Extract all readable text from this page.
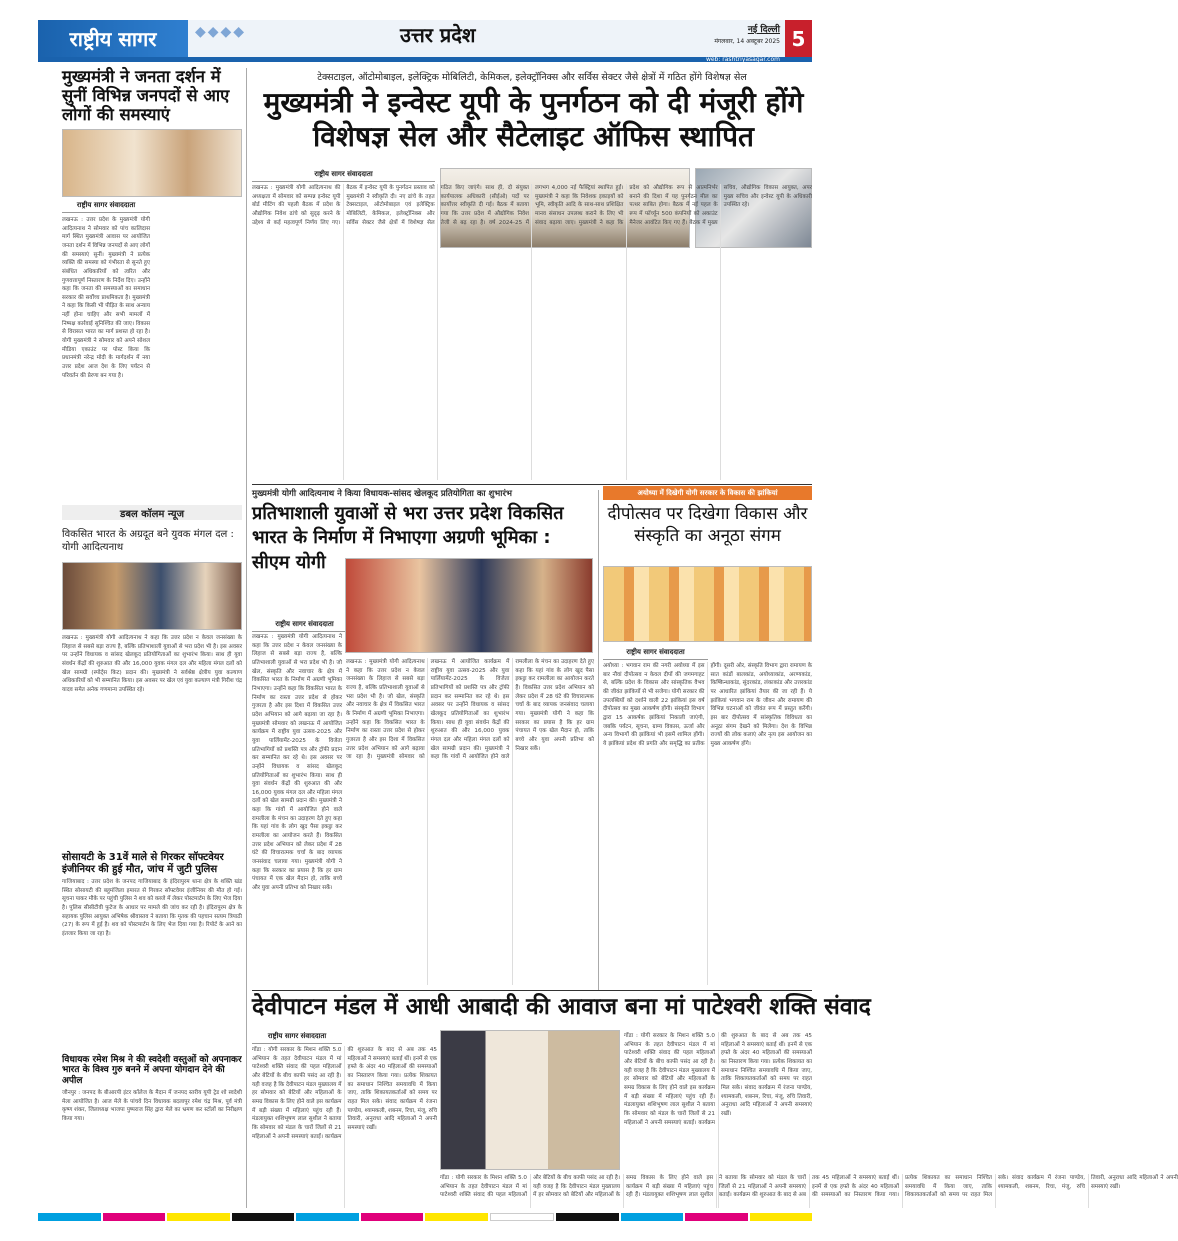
राष्ट्रीय सागर	◆◆◆◆	उत्तर प्रदेश	नई दिल्ली
मंगलवार, 14 अक्टूबर 2025 5
web: rashtriyasagar.com
मुख्यमंत्री ने जनता दर्शन में सुनीं विभिन्न जनपदों से आए लोगों की समस्याएं
राष्ट्रीय सागर संवाददाता
लखनऊ : उत्तर प्रदेश के मुख्यमंत्री योगी आदित्यनाथ ने सोमवार को पांच कालिदास मार्ग स्थित मुख्यमंत्री आवास पर आयोजित जनता दर्शन में विभिन्न जनपदों से आए लोगों की समस्याएं सुनीं। मुख्यमंत्री ने प्रत्येक व्यक्ति की समस्या को गंभीरता से सुनते हुए संबंधित अधिकारियों को त्वरित और गुणवत्तापूर्ण निस्तारण के निर्देश दिए। उन्होंने कहा कि जनता की समस्याओं का समाधान सरकार की सर्वोच्च प्राथमिकता है। मुख्यमंत्री ने कहा कि किसी भी पीड़ित के साथ अन्याय नहीं होना चाहिए और सभी मामलों में निष्पक्ष कार्रवाई सुनिश्चित की जाए। विकास से विरासत भारत का मार्ग प्रशस्त हो रहा है। योगी मुख्यमंत्री ने सोमवार को अपने सोशल मीडिया एकाउंट पर पोस्ट किया कि प्रधानमंत्री नरेन्द्र मोदी के मार्गदर्शन में नया उत्तर प्रदेश आज देश के लिए पर्यटन से परिवर्तन की प्रेरणा बन गया है।
डबल कॉलम न्यूज
विकसित भारत के अग्रदूत बने युवक मंगल दल : योगी आदित्यनाथ
लखनऊ : मुख्यमंत्री योगी आदित्यनाथ ने कहा कि उत्तर प्रदेश न केवल जनसंख्या के लिहाज से सबसे बड़ा राज्य है, बल्कि प्रतिभाशाली युवाओं से भरा प्रदेश भी है। इस अवसर पर उन्होंने विधायक व सांसद खेलकूद प्रतियोगिताओं का शुभारंभ किया। साथ ही युवा संवर्धन केंद्रों की शुरुआत की और 16,000 युवक मंगल दल और महिला मंगल दलों को खेल सामग्री (स्पोर्ट्स किट) प्रदान की। मुख्यमंत्री ने सर्वश्रेष्ठ क्षेत्रीय युवा कल्याण अधिकारियों को भी सम्मानित किया। इस अवसर पर खेल एवं युवा कल्याण मंत्री गिरीश चंद्र यादव समेत अनेक गणमान्य उपस्थित रहे।
सोसायटी के 31वें माले से गिरकर सॉफ्टवेयर इंजीनियर की हुई मौत, जांच में जुटी पुलिस
गाजियाबाद : उत्तर प्रदेश के जनपद गाजियाबाद के इंदिरापुरम थाना क्षेत्र के शक्ति खंड स्थित सोसायटी की बहुमंजिला इमारत से गिरकर सॉफ्टवेयर इंजीनियर की मौत हो गई। सूचना पाकर मौके पर पहुंची पुलिस ने शव को कब्जे में लेकर पोस्टमार्टम के लिए भेज दिया है। पुलिस सीसीटीवी फुटेज के आधार पर मामले की जांच कर रही है। इंदिरापुरम क्षेत्र के सहायक पुलिस आयुक्त अभिषेक श्रीवास्तव ने बताया कि मृतक की पहचान सत्यम त्रिपाठी (27) के रूप में हुई है। शव को पोस्टमार्टम के लिए भेज दिया गया है। रिपोर्ट के आने का इंतजार किया जा रहा है।
विधायक रमेश मिश्र ने की स्वदेशी वस्तुओं को अपनाकर भारत के विश्व गुरु बनने में अपना योगदान देने की अपील
जौनपुर : जनपद के बीआरपी इंटर कॉलेज के मैदान में जनपद स्तरीय यूपी ट्रेड शो स्वदेशी मेला आयोजित है। आज मेले के पांचवे दिन विधायक बदलापुर रमेश चंद्र मिश्र, पूर्व मंत्री कृष्ण शंकर, जिलाध्यक्ष भाजपा पुष्पराज सिंह द्वारा मेले का भ्रमण कर स्टॉलों का निरीक्षण किया गया।
टेक्सटाइल, ऑटोमोबाइल, इलेक्ट्रिक मोबिलिटी, केमिकल, इलेक्ट्रॉनिक्स और सर्विस सेक्टर जैसे क्षेत्रों में गठित होंगे विशेषज्ञ सेल
मुख्यमंत्री ने इन्वेस्ट यूपी के पुनर्गठन को दी मंजूरी होंगे विशेषज्ञ सेल और सैटेलाइट ऑफिस स्थापित
राष्ट्रीय सागर संवाददाता
लखनऊ : मुख्यमंत्री योगी आदित्यनाथ की अध्यक्षता में सोमवार को सम्पन्न इन्वेस्ट यूपी बोर्ड मीटिंग की पहली बैठक में प्रदेश के औद्योगिक निवेश ढांचे को सुदृढ़ करने के उद्देश्य से कई महत्वपूर्ण निर्णय लिए गए। बैठक में इन्वेस्ट यूपी के पुनर्गठन प्रस्ताव को मुख्यमंत्री ने स्वीकृति दी। नए ढांचे के तहत टेक्सटाइल, ऑटोमोबाइल एवं इलेक्ट्रिक मोबिलिटी, केमिकल, इलेक्ट्रॉनिक्स और सर्विस सेक्टर जैसे क्षेत्रों में विशेषज्ञ सेल गठित किए जाएंगे। साथ ही, दो संयुक्त कार्यपालक अधिकारी (सीईओ) पदों पर कार्योत्तर स्वीकृति दी गई। बैठक में बताया गया कि उत्तर प्रदेश में औद्योगिक निवेश तेजी से बढ़ रहा है। वर्ष 2024-25 में लगभग 4,000 नई फैक्ट्रियां स्थापित हुईं। मुख्यमंत्री ने कहा कि निवेशक इकाइयों को भूमि, स्वीकृति आदि के साथ-साथ प्रशिक्षित मानव संसाधन उपलब्ध कराने के लिए भी संवाद बढ़ाया जाए। मुख्यमंत्री ने कहा कि प्रदेश को औद्योगिक रूप से आत्मनिर्भर बनाने की दिशा में यह पुनर्गठन मील का पत्थर साबित होगा। बैठक में नई पहल के रूप में फॉर्च्यून 500 कंपनियों को अकाउंट मैनेजर आवंटित किए गए हैं। बैठक में मुख्य सचिव, औद्योगिक विकास आयुक्त, अपर मुख्य सचिव और इन्वेस्ट यूपी के अधिकारी उपस्थित रहे।
मुख्यमंत्री योगी आदित्यनाथ ने किया विधायक-सांसद खेलकूद प्रतियोगिता का शुभारंभ	अयोध्या में दिखेगी योगी सरकार के विकास की झांकियां
प्रतिभाशाली युवाओं से भरा उत्तर प्रदेश विकसित भारत के निर्माण में निभाएगा अग्रणी भूमिका : सीएम योगी
राष्ट्रीय सागर संवाददाता
लखनऊ : मुख्यमंत्री योगी आदित्यनाथ ने कहा कि उत्तर प्रदेश न केवल जनसंख्या के लिहाज से सबसे बड़ा राज्य है, बल्कि प्रतिभाशाली युवाओं से भरा प्रदेश भी है। जो खेल, संस्कृति और नवाचार के क्षेत्र में विकसित भारत के निर्माण में अग्रणी भूमिका निभाएगा। उन्होंने कहा कि विकसित भारत के निर्माण का रास्ता उत्तर प्रदेश से होकर गुजरता है और इस दिशा में विकसित उत्तर प्रदेश अभियान को आगे बढ़ाया जा रहा है। मुख्यमंत्री सोमवार को लखनऊ में आयोजित कार्यक्रम में राष्ट्रीय युवा उत्सव-2025 और युवा पार्लियामेंट-2025 के विजेता प्रतिभागियों को प्रशस्ति पत्र और ट्रॉफी प्रदान कर सम्मानित कर रहे थे। इस अवसर पर उन्होंने विधायक व सांसद खेलकूद प्रतियोगिताओं का शुभारंभ किया। साथ ही युवा संवर्धन केंद्रों की शुरुआत की और 16,000 युवक मंगल दल और महिला मंगल दलों को खेल सामग्री प्रदान की। मुख्यमंत्री ने कहा कि गांवों में आयोजित होने वाले रामलीला के मंचन का उदाहरण देते हुए कहा कि यहां गांव के लोग खुद पैसा इकट्ठा कर रामलीला का आयोजन करते हैं। विकसित उत्तर प्रदेश अभियान को लेकर प्रदेश में 28 घंटे की विचारात्मक चर्चा के बाद व्यापक जनसंवाद चलाया गया। मुख्यमंत्री योगी ने कहा कि सरकार का प्रयास है कि हर ग्राम पंचायत में एक खेल मैदान हो, ताकि बच्चे और युवा अपनी प्रतिभा को निखार सकें।
लखनऊ : मुख्यमंत्री योगी आदित्यनाथ ने कहा कि उत्तर प्रदेश न केवल जनसंख्या के लिहाज से सबसे बड़ा राज्य है, बल्कि प्रतिभाशाली युवाओं से भरा प्रदेश भी है। जो खेल, संस्कृति और नवाचार के क्षेत्र में विकसित भारत के निर्माण में अग्रणी भूमिका निभाएगा। उन्होंने कहा कि विकसित भारत के निर्माण का रास्ता उत्तर प्रदेश से होकर गुजरता है और इस दिशा में विकसित उत्तर प्रदेश अभियान को आगे बढ़ाया जा रहा है। मुख्यमंत्री सोमवार को लखनऊ में आयोजित कार्यक्रम में राष्ट्रीय युवा उत्सव-2025 और युवा पार्लियामेंट-2025 के विजेता प्रतिभागियों को प्रशस्ति पत्र और ट्रॉफी प्रदान कर सम्मानित कर रहे थे। इस अवसर पर उन्होंने विधायक व सांसद खेलकूद प्रतियोगिताओं का शुभारंभ किया। साथ ही युवा संवर्धन केंद्रों की शुरुआत की और 16,000 युवक मंगल दल और महिला मंगल दलों को खेल सामग्री प्रदान की। मुख्यमंत्री ने कहा कि गांवों में आयोजित होने वाले रामलीला के मंचन का उदाहरण देते हुए कहा कि यहां गांव के लोग खुद पैसा इकट्ठा कर रामलीला का आयोजन करते हैं। विकसित उत्तर प्रदेश अभियान को लेकर प्रदेश में 28 घंटे की विचारात्मक चर्चा के बाद व्यापक जनसंवाद चलाया गया। मुख्यमंत्री योगी ने कहा कि सरकार का प्रयास है कि हर ग्राम पंचायत में एक खेल मैदान हो, ताकि बच्चे और युवा अपनी प्रतिभा को निखार सकें।
दीपोत्सव पर दिखेगा विकास और संस्कृति का अनूठा संगम
राष्ट्रीय सागर संवाददाता
अयोध्या : भगवान राम की नगरी अयोध्या में इस बार नौवां दीपोत्सव न केवल दीपों की जगमगाहट से, बल्कि प्रदेश के विकास और सांस्कृतिक वैभव की जीवंत झांकियों से भी सजेगा। योगी सरकार की उपलब्धियों को दर्शाने वाली 22 झांकियां इस वर्ष दीपोत्सव का मुख्य आकर्षण होंगी। संस्कृति विभाग द्वारा 15 आकर्षक झांकियां निकाली जाएंगी, जबकि पर्यटन, सूचना, ग्राम्य विकास, ऊर्जा और अन्य विभागों की झांकियां भी इसमें शामिल होंगी। ये झांकियां प्रदेश की प्रगति और समृद्धि का प्रतीक होंगी। दूसरी ओर, संस्कृति विभाग द्वारा रामायण के सात कांडों बालकांड, अयोध्याकांड, अरण्यकांड, किष्किन्धाकांड, सुंदरकांड, लंकाकांड और उत्तरकांड पर आधारित झांकियां तैयार की जा रही हैं। ये झांकियां भगवान राम के जीवन और रामायण की विभिन्न घटनाओं को जीवंत रूप में प्रस्तुत करेंगी। इस बार दीपोत्सव में सांस्कृतिक विविधता का अनूठा संगम देखने को मिलेगा। देश के विभिन्न राज्यों की लोक कलाएं और नृत्य इस आयोजन का मुख्य आकर्षण होंगे।
देवीपाटन मंडल में आधी आबादी की आवाज बना मां पाटेश्वरी शक्ति संवाद
राष्ट्रीय सागर संवाददाता
गोंडा : योगी सरकार के मिशन शक्ति 5.0 अभियान के तहत देवीपाटन मंडल में मां पाटेश्वरी शक्ति संवाद की पहल महिलाओं और बेटियों के बीच काफी पसंद आ रही है। यही वजह है कि देवीपाटन मंडल मुख्यालय में हर सोमवार को बेटियों और महिलाओं के समग्र विकास के लिए होने वाले इस कार्यक्रम में बड़ी संख्या में महिलाएं पहुंच रही हैं। मंडलायुक्त शशिभूषण लाल सुशील ने बताया कि सोमवार को मंडल के चारों जिलों से 21 महिलाओं ने अपनी समस्याएं बताईं। कार्यक्रम की शुरुआत के बाद से अब तक 45 महिलाओं ने समस्याएं बताई थीं। इनमें से एक हफ्ते के अंदर 40 महिलाओं की समस्याओं का निस्तारण किया गया। प्रत्येक शिकायत का समाधान निश्चित समयावधि में किया जाए, ताकि शिकायतकर्ताओं को समय पर राहत मिल सके। संवाद कार्यक्रम में रंजना पाण्डेय, श्यामकली, शबनम, रिचा, मंजू, रुचि तिवारी, अनुराधा आदि महिलाओं ने अपनी समस्याएं रखीं।
गोंडा : योगी सरकार के मिशन शक्ति 5.0 अभियान के तहत देवीपाटन मंडल में मां पाटेश्वरी शक्ति संवाद की पहल महिलाओं और बेटियों के बीच काफी पसंद आ रही है। यही वजह है कि देवीपाटन मंडल मुख्यालय में हर सोमवार को बेटियों और महिलाओं के समग्र विकास के लिए होने वाले इस कार्यक्रम में बड़ी संख्या में महिलाएं पहुंच रही हैं। मंडलायुक्त शशिभूषण लाल सुशील ने बताया कि सोमवार को मंडल के चारों जिलों से 21 महिलाओं ने अपनी समस्याएं बताईं। कार्यक्रम की शुरुआत के बाद से अब तक 45 महिलाओं ने समस्याएं बताई थीं। इनमें से एक हफ्ते के अंदर 40 महिलाओं की समस्याओं का निस्तारण किया गया। प्रत्येक शिकायत का समाधान निश्चित समयावधि में किया जाए, ताकि शिकायतकर्ताओं को समय पर राहत मिल सके। संवाद कार्यक्रम में रंजना पाण्डेय, श्यामकली, शबनम, रिचा, मंजू, रुचि तिवारी, अनुराधा आदि महिलाओं ने अपनी समस्याएं रखीं।
गोंडा : योगी सरकार के मिशन शक्ति 5.0 अभियान के तहत देवीपाटन मंडल में मां पाटेश्वरी शक्ति संवाद की पहल महिलाओं और बेटियों के बीच काफी पसंद आ रही है। यही वजह है कि देवीपाटन मंडल मुख्यालय में हर सोमवार को बेटियों और महिलाओं के समग्र विकास के लिए होने वाले इस कार्यक्रम में बड़ी संख्या में महिलाएं पहुंच रही हैं। मंडलायुक्त शशिभूषण लाल सुशील ने बताया कि सोमवार को मंडल के चारों जिलों से 21 महिलाओं ने अपनी समस्याएं बताईं। कार्यक्रम की शुरुआत के बाद से अब तक 45 महिलाओं ने समस्याएं बताई थीं। इनमें से एक हफ्ते के अंदर 40 महिलाओं की समस्याओं का निस्तारण किया गया। प्रत्येक शिकायत का समाधान निश्चित समयावधि में किया जाए, ताकि शिकायतकर्ताओं को समय पर राहत मिल सके। संवाद कार्यक्रम में रंजना पाण्डेय, श्यामकली, शबनम, रिचा, मंजू, रुचि तिवारी, अनुराधा आदि महिलाओं ने अपनी समस्याएं रखीं।
